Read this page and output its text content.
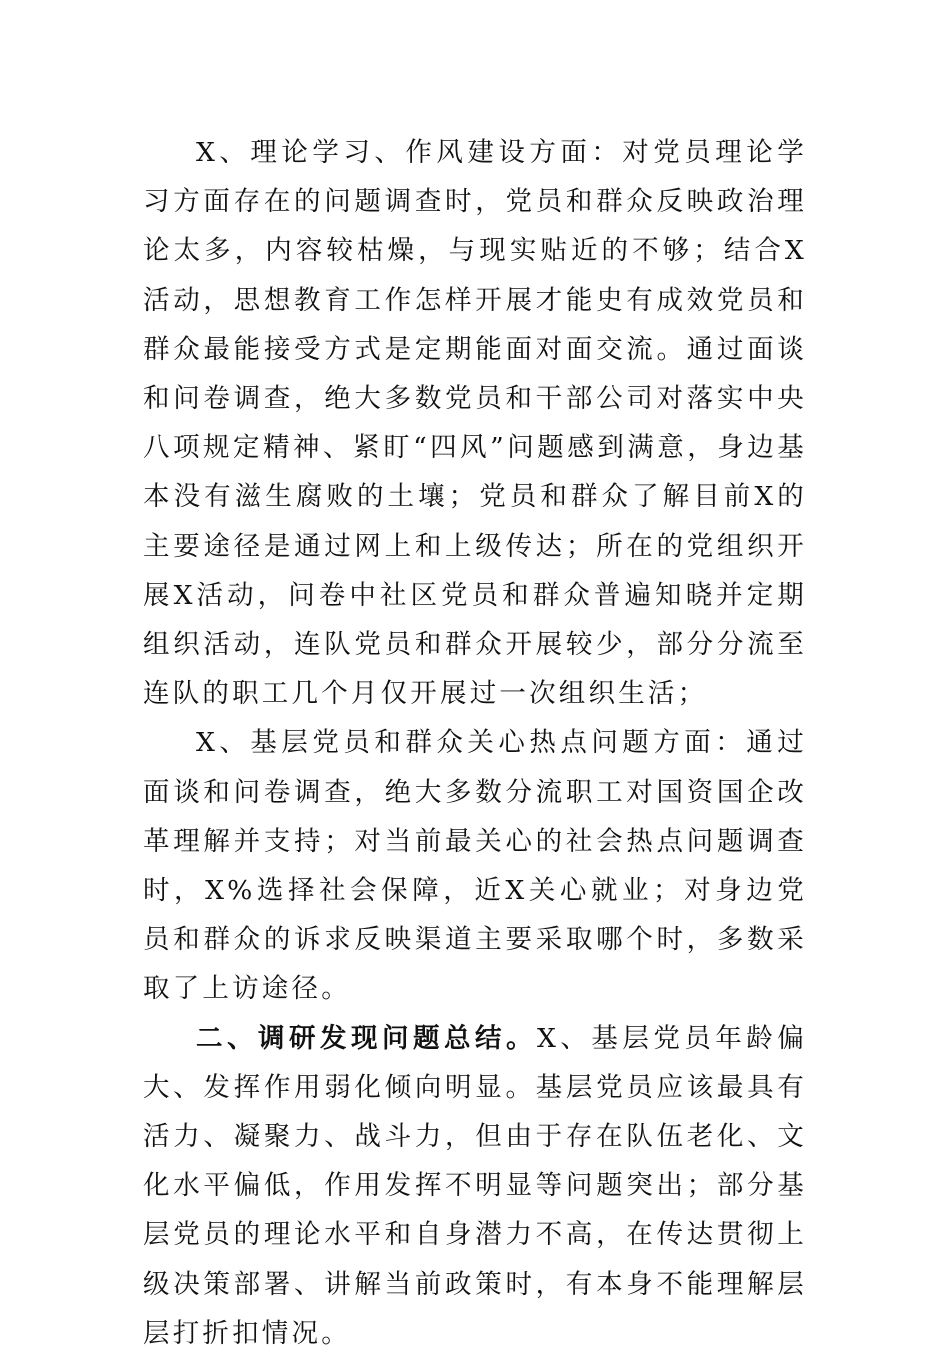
X、理论学习、作风建设方面：对党员理论学习方面存在的问题调查时，党员和群众反映政治理论太多，内容较枯燥，与现实贴近的不够；结合X活动，思想教育工作怎样开展才能史有成效党员和群众最能接受方式是定期能面对面交流。通过面谈和问卷调查，绝大多数党员和干部公司对落实中央八项规定精神、紧盯“四风”问题感到满意，身边基本没有滋生腐败的土壤；党员和群众了解目前X的主要途径是通过网上和上级传达；所在的党组织开展X活动，问卷中社区党员和群众普遍知晓并定期组织活动，连队党员和群众开展较少，部分分流至连队的职工几个月仅开展过一次组织生活；

X、基层党员和群众关心热点问题方面：通过面谈和问卷调查，绝大多数分流职工对国资国企改革理解并支持；对当前最关心的社会热点问题调查时，X%选择社会保障，近X关心就业；对身边党员和群众的诉求反映渠道主要采取哪个时，多数采取了上访途径。

二、调研发现问题总结。X、基层党员年龄偏大、发挥作用弱化倾向明显。基层党员应该最具有活力、凝聚力、战斗力，但由于存在队伍老化、文化水平偏低，作用发挥不明显等问题突出；部分基层党员的理论水平和自身潜力不高，在传达贯彻上级决策部署、讲解当前政策时，有本身不能理解层层打折扣情况。
